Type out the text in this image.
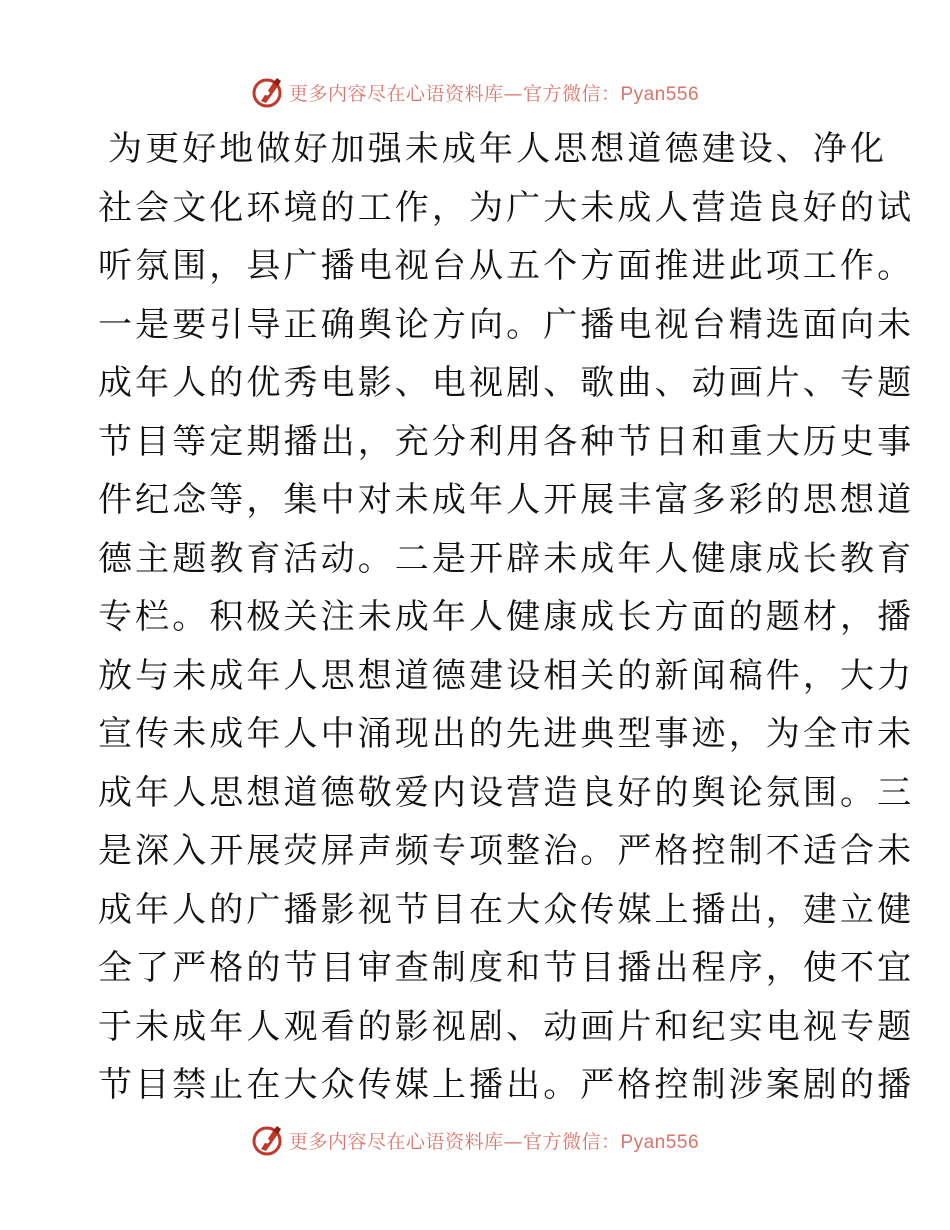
更多内容尽在心语资料库—官方微信：Pyan556
为更好地做好加强未成年人思想道德建设、净化
社会文化环境的工作，为广大未成人营造良好的试
听氛围，县广播电视台从五个方面推进此项工作。
一是要引导正确舆论方向。广播电视台精选面向未
成年人的优秀电影、电视剧、歌曲、动画片、专题
节目等定期播出，充分利用各种节日和重大历史事
件纪念等，集中对未成年人开展丰富多彩的思想道
德主题教育活动。二是开辟未成年人健康成长教育
专栏。积极关注未成年人健康成长方面的题材，播
放与未成年人思想道德建设相关的新闻稿件，大力
宣传未成年人中涌现出的先进典型事迹，为全市未
成年人思想道德敬爱内设营造良好的舆论氛围。三
是深入开展荧屏声频专项整治。严格控制不适合未
成年人的广播影视节目在大众传媒上播出，建立健
全了严格的节目审查制度和节目播出程序，使不宜
于未成年人观看的影视剧、动画片和纪实电视专题
节目禁止在大众传媒上播出。严格控制涉案剧的播
更多内容尽在心语资料库—官方微信：Pyan556
